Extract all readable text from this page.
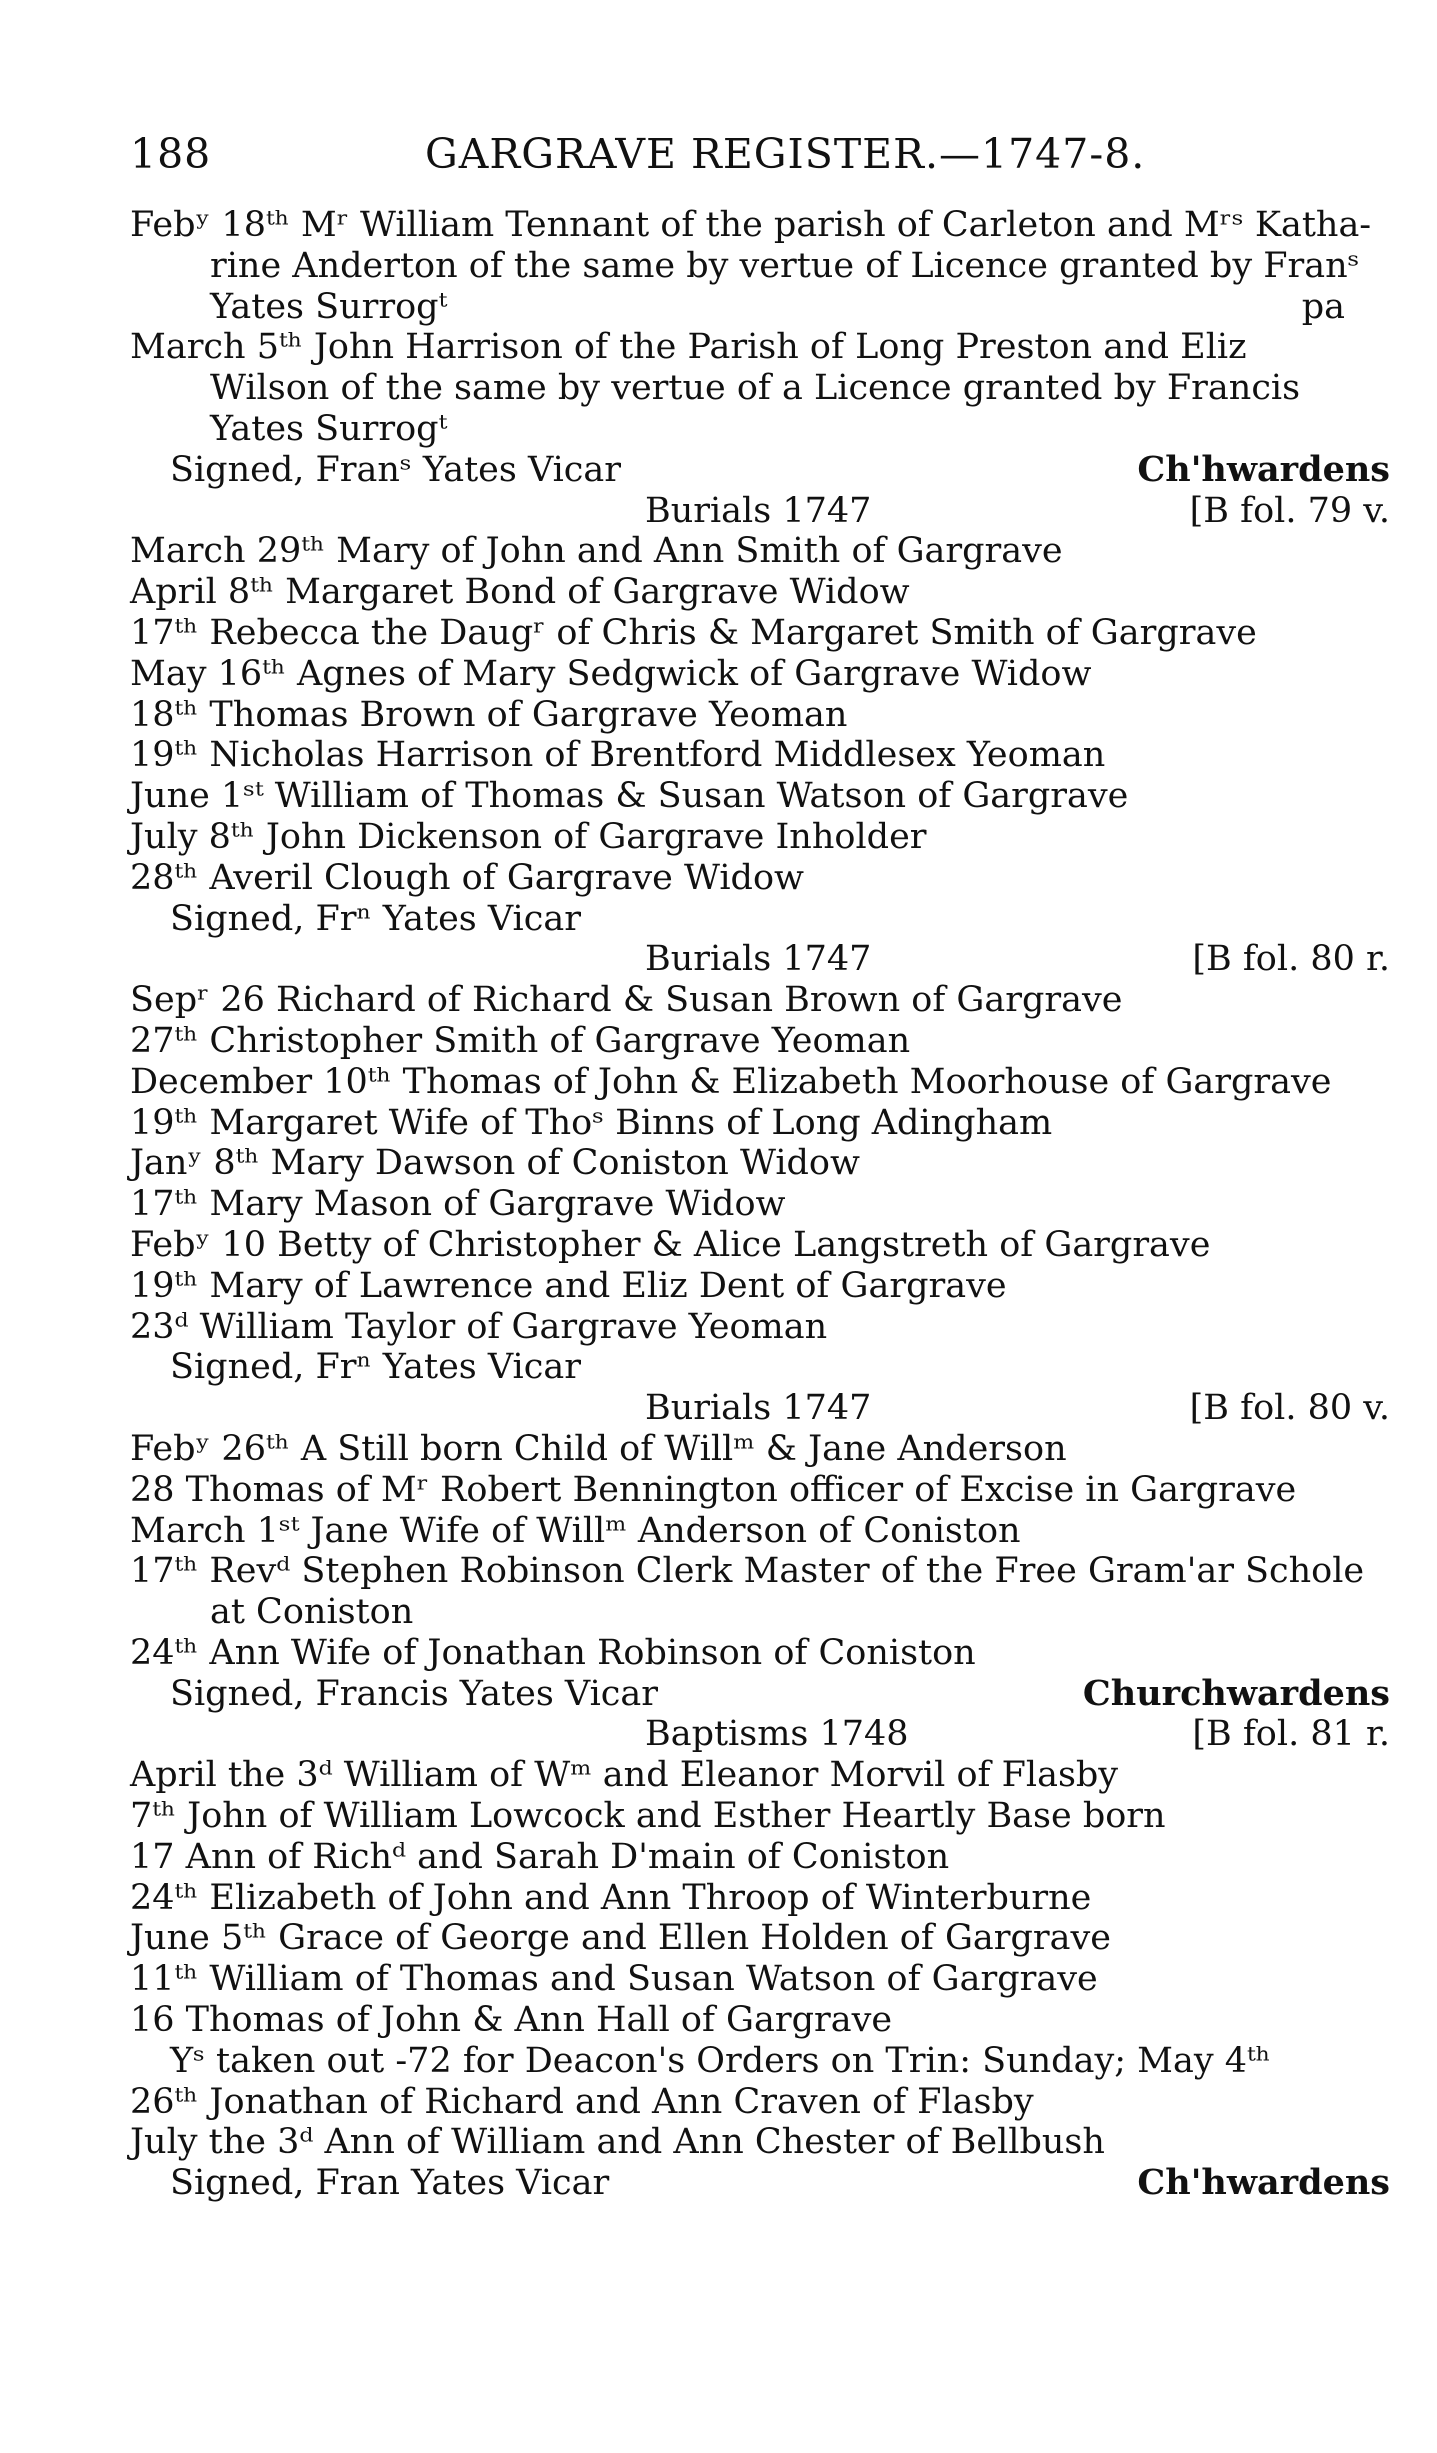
188	GARGRAVE REGISTER.—1747-8.
Febʸ 18ᵗʰ Mʳ William Tennant of the parish of Carleton and Mʳˢ Katha-
rine Anderton of the same by vertue of Licence granted by Franˢ
Yates Surrogᵗ	pa
March 5ᵗʰ John Harrison of the Parish of Long Preston and Eliz
Wilson of the same by vertue of a Licence granted by Francis
Yates Surrogᵗ
Signed, Franˢ Yates Vicar	Ch'hwardens
Burials 1747	[B fol. 79 v.
March 29ᵗʰ Mary of John and Ann Smith of Gargrave
April 8ᵗʰ Margaret Bond of Gargrave Widow
17ᵗʰ Rebecca the Daugʳ of Chris & Margaret Smith of Gargrave
May 16ᵗʰ Agnes of Mary Sedgwick of Gargrave Widow
18ᵗʰ Thomas Brown of Gargrave Yeoman
19ᵗʰ Nicholas Harrison of Brentford Middlesex Yeoman
June 1ˢᵗ William of Thomas & Susan Watson of Gargrave
July 8ᵗʰ John Dickenson of Gargrave Inholder
28ᵗʰ Averil Clough of Gargrave Widow
Signed, Frⁿ Yates Vicar
Burials 1747	[B fol. 80 r.
Sepʳ 26 Richard of Richard & Susan Brown of Gargrave
27ᵗʰ Christopher Smith of Gargrave Yeoman
December 10ᵗʰ Thomas of John & Elizabeth Moorhouse of Gargrave
19ᵗʰ Margaret Wife of Thoˢ Binns of Long Adingham
Janʸ 8ᵗʰ Mary Dawson of Coniston Widow
17ᵗʰ Mary Mason of Gargrave Widow
Febʸ 10 Betty of Christopher & Alice Langstreth of Gargrave
19ᵗʰ Mary of Lawrence and Eliz Dent of Gargrave
23ᵈ William Taylor of Gargrave Yeoman
Signed, Frⁿ Yates Vicar
Burials 1747	[B fol. 80 v.
Febʸ 26ᵗʰ A Still born Child of Willᵐ & Jane Anderson
28 Thomas of Mʳ Robert Bennington officer of Excise in Gargrave
March 1ˢᵗ Jane Wife of Willᵐ Anderson of Coniston
17ᵗʰ Revᵈ Stephen Robinson Clerk Master of the Free Gram'ar Schole
at Coniston
24ᵗʰ Ann Wife of Jonathan Robinson of Coniston
Signed, Francis Yates Vicar	Churchwardens
Baptisms 1748	[B fol. 81 r.
April the 3ᵈ William of Wᵐ and Eleanor Morvil of Flasby
7ᵗʰ John of William Lowcock and Esther Heartly Base born
17 Ann of Richᵈ and Sarah D'main of Coniston
24ᵗʰ Elizabeth of John and Ann Throop of Winterburne
June 5ᵗʰ Grace of George and Ellen Holden of Gargrave
11ᵗʰ William of Thomas and Susan Watson of Gargrave
16 Thomas of John & Ann Hall of Gargrave
Yˢ taken out -72 for Deacon's Orders on Trin: Sunday; May 4ᵗʰ
26ᵗʰ Jonathan of Richard and Ann Craven of Flasby
July the 3ᵈ Ann of William and Ann Chester of Bellbush
Signed, Fran Yates Vicar	Ch'hwardens
